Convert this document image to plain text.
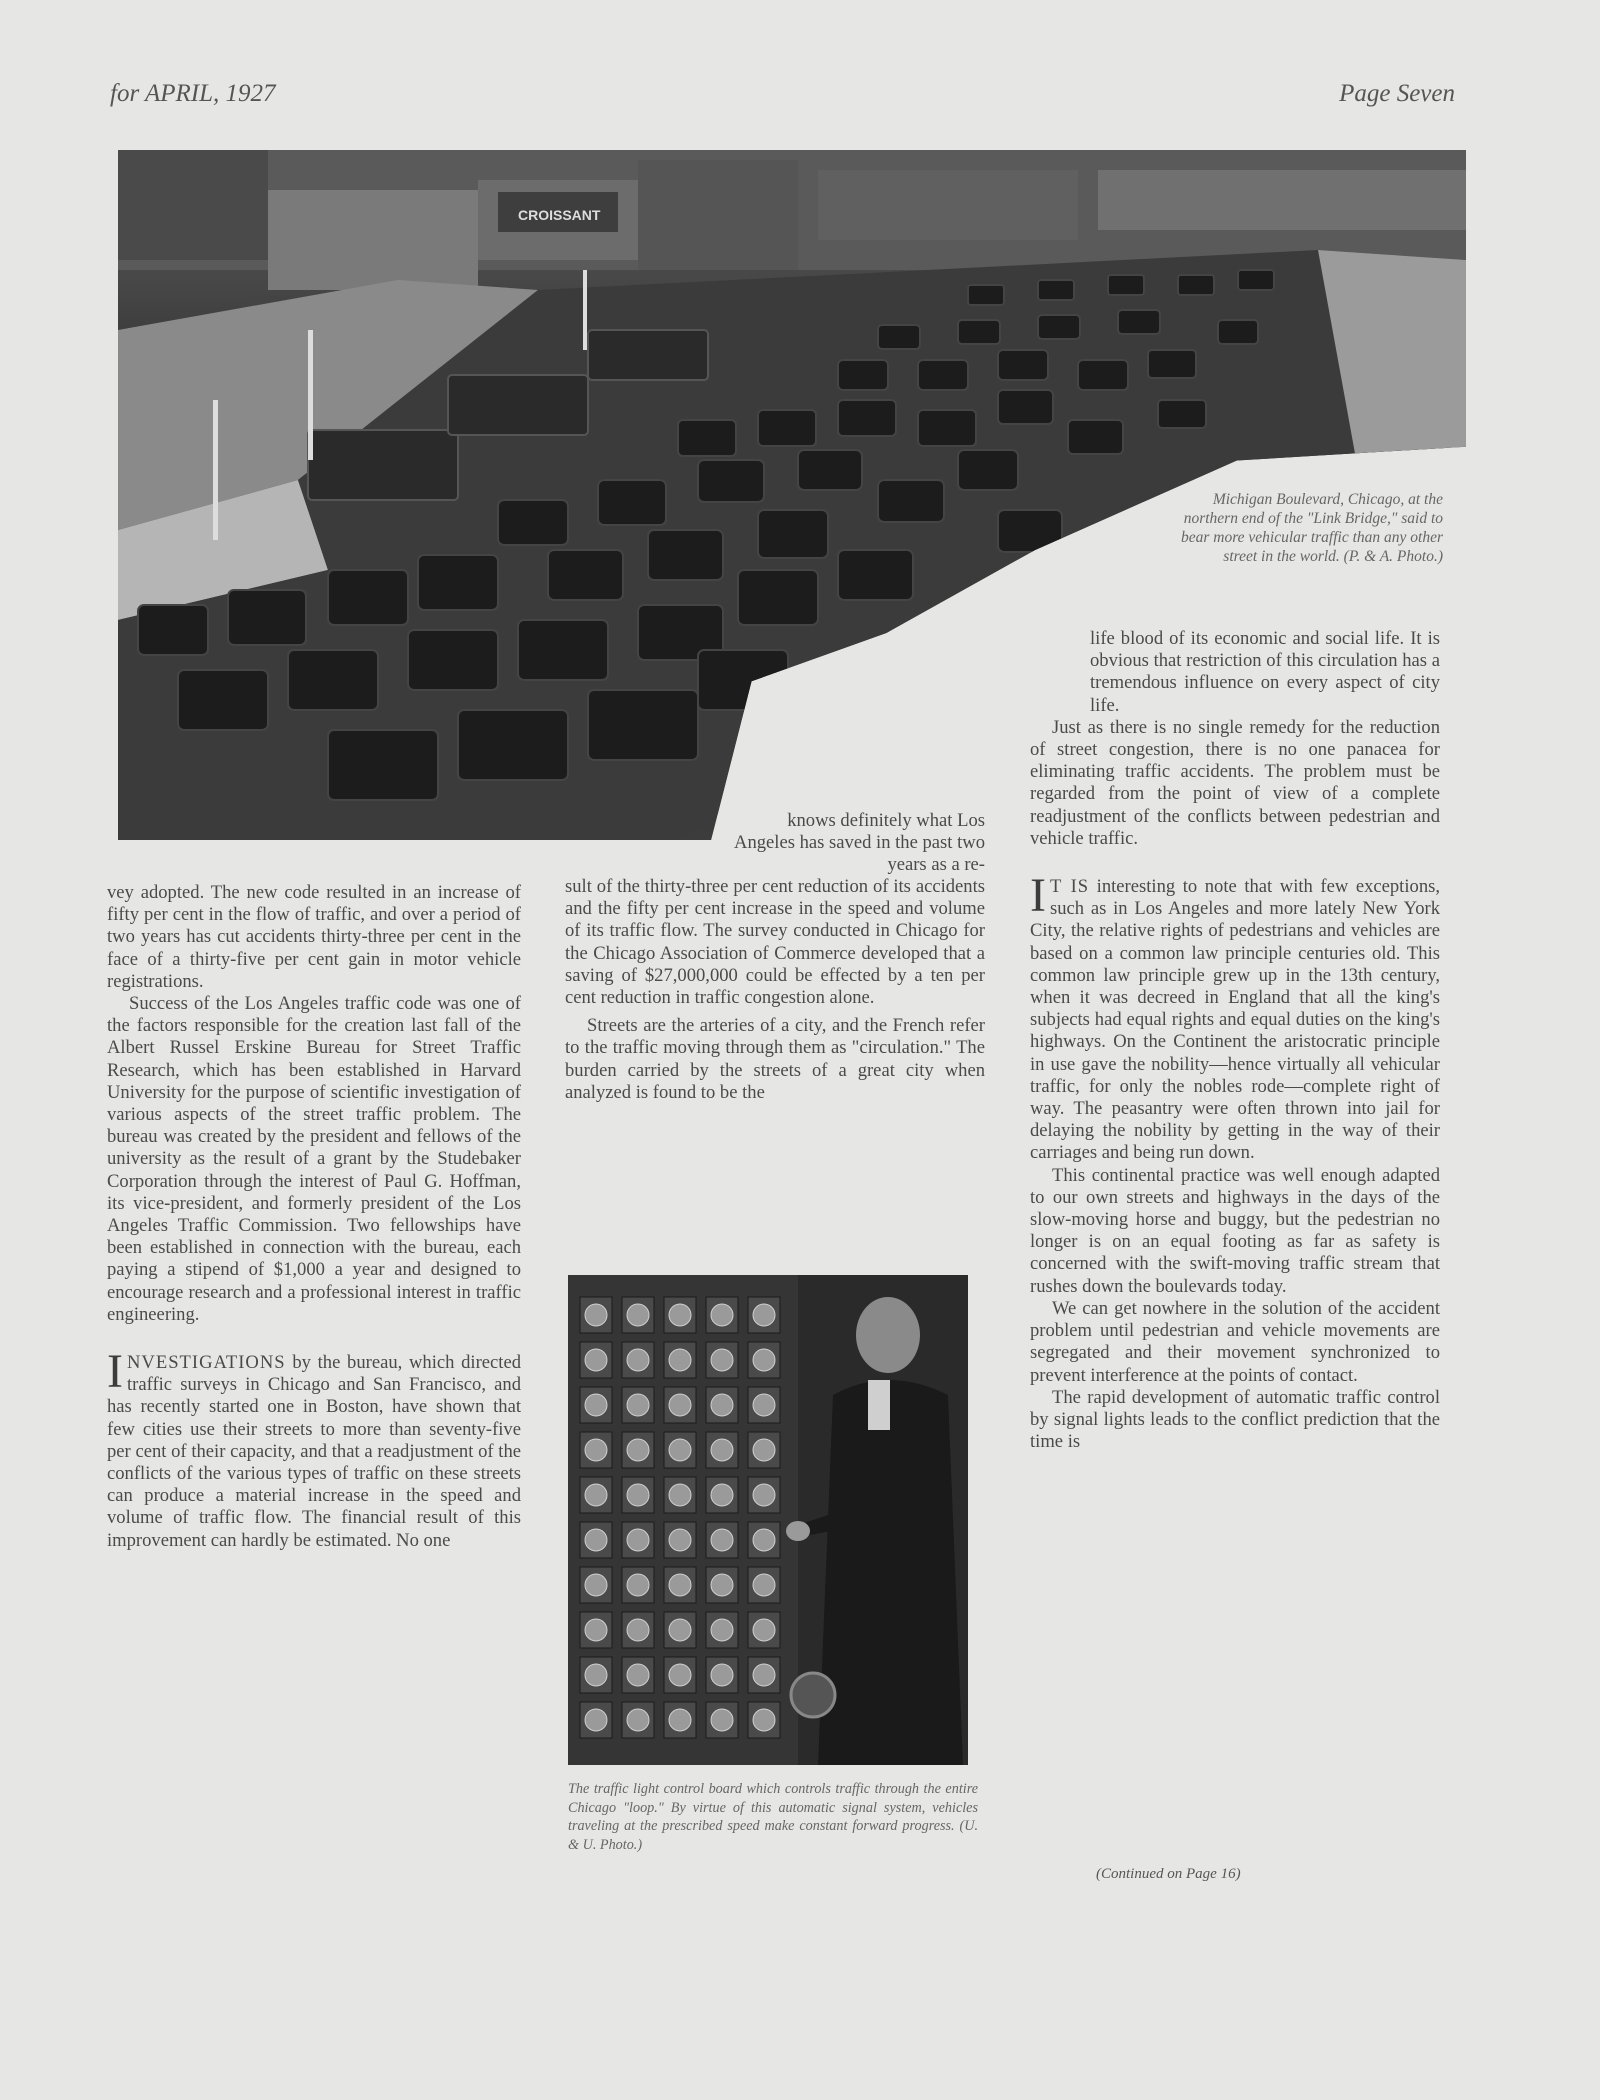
for APRIL, 1927	Page Seven
CROISSANT
Michigan Boulevard, Chicago, at the northern end of the "Link Bridge," said to bear more vehicular traffic than any other street in the world. (P. & A. Photo.)

vey adopted. The new code resulted in an increase of fifty per cent in the flow of traffic, and over a period of two years has cut accidents thirty-three per cent in the face of a thirty-five per cent gain in motor vehicle registrations.

Success of the Los Angeles traffic code was one of the factors responsible for the creation last fall of the Albert Russel Erskine Bureau for Street Traffic Research, which has been established in Harvard University for the purpose of scientific investigation of various aspects of the street traffic problem. The bureau was created by the president and fellows of the university as the result of a grant by the Studebaker Corporation through the interest of Paul G. Hoffman, its vice-president, and formerly president of the Los Angeles Traffic Commission. Two fellowships have been established in connection with the bureau, each paying a stipend of $1,000 a year and designed to encourage research and a professional interest in traffic engineering.

INVESTIGATIONS by the bureau, which directed traffic surveys in Chicago and San Francisco, and has recently started one in Boston, have shown that few cities use their streets to more than seventy-five per cent of their capacity, and that a readjustment of the conflicts of the various types of traffic on these streets can produce a material increase in the speed and volume of traffic flow. The financial result of this improvement can hardly be estimated. No one

knows definitely what Los Angeles has saved in the past two years as a re-

sult of the thirty-three per cent reduction of its accidents and the fifty per cent increase in the speed and volume of its traffic flow. The survey conducted in Chicago for the Chicago Association of Commerce developed that a saving of $27,000,000 could be effected by a ten per cent reduction in traffic congestion alone.

Streets are the arteries of a city, and the French refer to the traffic moving through them as "circulation." The burden carried by the streets of a great city when analyzed is found to be the

The traffic light control board which controls traffic through the entire Chicago "loop." By virtue of this automatic signal system, vehicles traveling at the prescribed speed make constant forward progress. (U. & U. Photo.)

life blood of its economic and social life. It is obvious that restriction of this circulation has a tremendous influence on every aspect of city life.

Just as there is no single remedy for the reduction of street congestion, there is no one panacea for eliminating traffic accidents. The problem must be regarded from the point of view of a complete readjustment of the conflicts between pedestrian and vehicle traffic.

I T IS interesting to note that with few exceptions, such as in Los Angeles and more lately New York City, the relative rights of pedestrians and vehicles are based on a common law principle centuries old. This common law principle grew up in the 13th century, when it was decreed in England that all the king's subjects had equal rights and equal duties on the king's highways. On the Continent the aristocratic principle in use gave the nobility—hence virtually all vehicular traffic, for only the nobles rode—complete right of way. The peasantry were often thrown into jail for delaying the nobility by getting in the way of their carriages and being run down.

This continental practice was well enough adapted to our own streets and highways in the days of the slow-moving horse and buggy, but the pedestrian no longer is on an equal footing as far as safety is concerned with the swift-moving traffic stream that rushes down the boulevards today.

We can get nowhere in the solution of the accident problem until pedestrian and vehicle movements are segregated and their movement synchronized to prevent interference at the points of contact.

The rapid development of automatic traffic control by signal lights leads to the conflict prediction that the time is

(Continued on Page 16)
